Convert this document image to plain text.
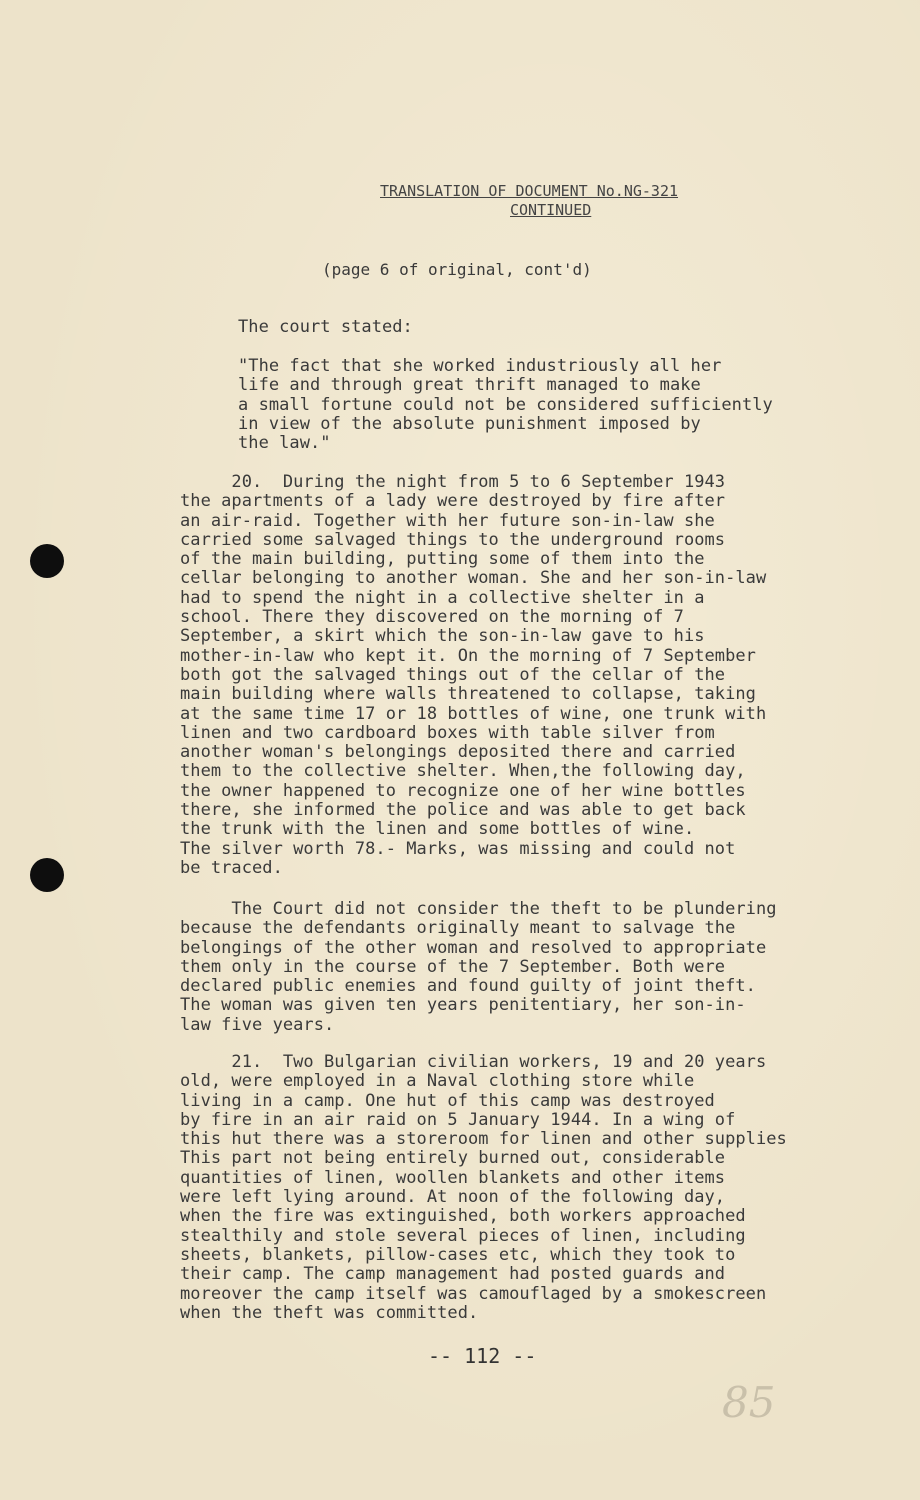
TRANSLATION OF DOCUMENT No.NG-321
CONTINUED
(page 6 of original, cont'd)
The court stated:
"The fact that she worked industriously all her
life and through great thrift managed to make
a small fortune could not be considered sufficiently
in view of the absolute punishment imposed by
the law."
20.  During the night from 5 to 6 September 1943
the apartments of a lady were destroyed by fire after
an air-raid. Together with her future son-in-law she
carried some salvaged things to the underground rooms
of the main building, putting some of them into the
cellar belonging to another woman. She and her son-in-law
had to spend the night in a collective shelter in a
school. There they discovered on the morning of 7
September, a skirt which the son-in-law gave to his
mother-in-law who kept it. On the morning of 7 September
both got the salvaged things out of the cellar of the
main building where walls threatened to collapse, taking
at the same time 17 or 18 bottles of wine, one trunk with
linen and two cardboard boxes with table silver from
another woman's belongings deposited there and carried
them to the collective shelter. When,the following day,
the owner happened to recognize one of her wine bottles
there, she informed the police and was able to get back
the trunk with the linen and some bottles of wine.
The silver worth 78.- Marks, was missing and could not
be traced.
The Court did not consider the theft to be plundering
because the defendants originally meant to salvage the
belongings of the other woman and resolved to appropriate
them only in the course of the 7 September. Both were
declared public enemies and found guilty of joint theft.
The woman was given ten years penitentiary, her son-in-
law five years.
21.  Two Bulgarian civilian workers, 19 and 20 years
old, were employed in a Naval clothing store while
living in a camp. One hut of this camp was destroyed
by fire in an air raid on 5 January 1944. In a wing of
this hut there was a storeroom for linen and other supplies
This part not being entirely burned out, considerable
quantities of linen, woollen blankets and other items
were left lying around. At noon of the following day,
when the fire was extinguished, both workers approached
stealthily and stole several pieces of linen, including
sheets, blankets, pillow-cases etc, which they took to
their camp. The camp management had posted guards and
moreover the camp itself was camouflaged by a smokescreen
when the theft was committed.
-- 112 --
85
